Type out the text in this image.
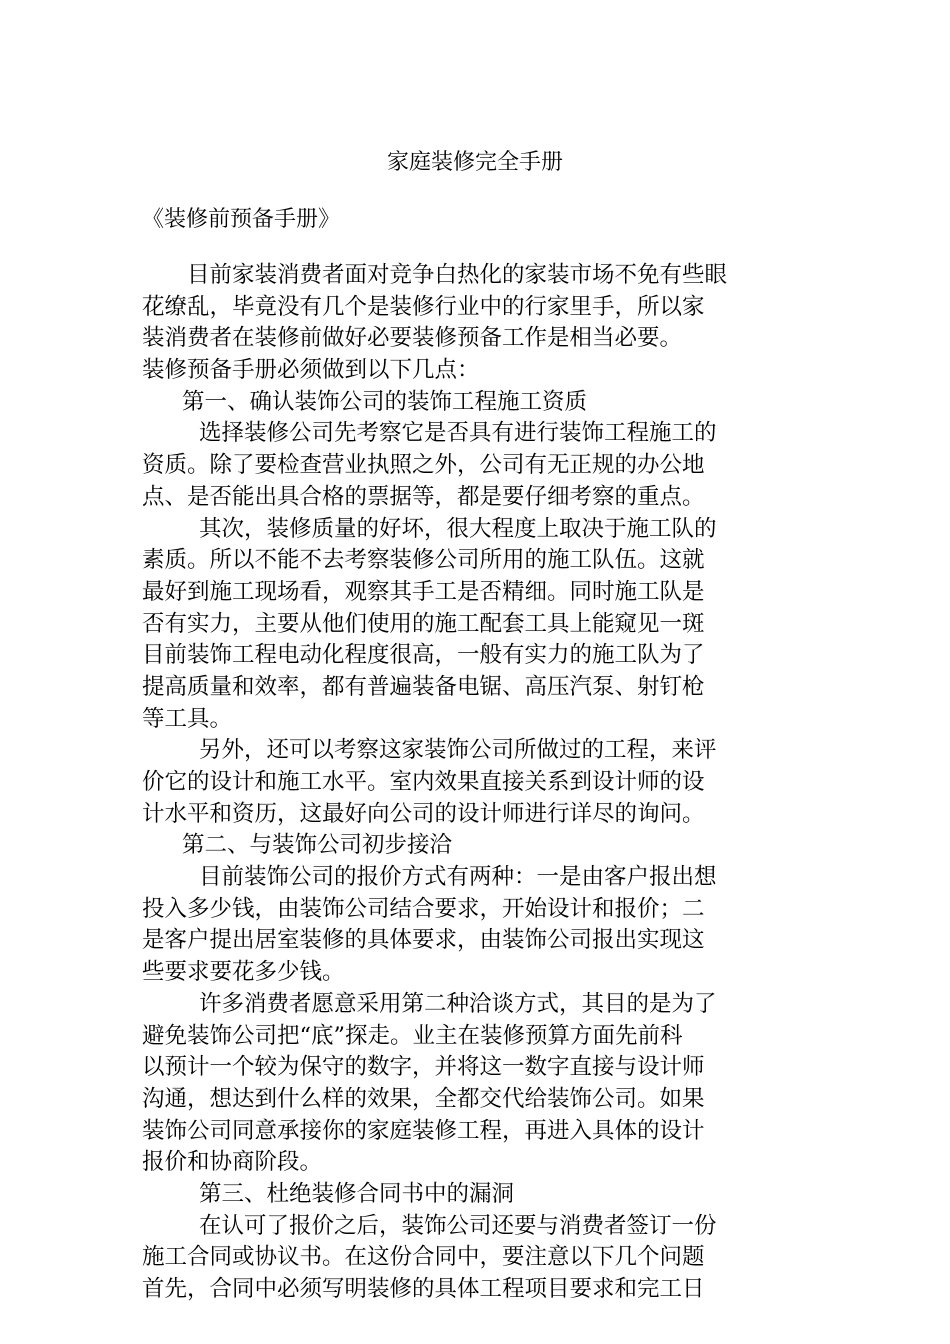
家庭装修完全手册
《装修前预备手册》
目前家装消费者面对竞争白热化的家装市场不免有些眼
花缭乱，毕竟没有几个是装修行业中的行家里手，所以家
装消费者在装修前做好必要装修预备工作是相当必要。
装修预备手册必须做到以下几点：
第一、确认装饰公司的装饰工程施工资质
选择装修公司先考察它是否具有进行装饰工程施工的
资质。除了要检查营业执照之外，公司有无正规的办公地
点、是否能出具合格的票据等，都是要仔细考察的重点。
其次，装修质量的好坏，很大程度上取决于施工队的
素质。所以不能不去考察装修公司所用的施工队伍。这就
最好到施工现场看，观察其手工是否精细。同时施工队是
否有实力，主要从他们使用的施工配套工具上能窥见一斑
目前装饰工程电动化程度很高，一般有实力的施工队为了
提高质量和效率，都有普遍装备电锯、高压汽泵、射钉枪
等工具。
另外，还可以考察这家装饰公司所做过的工程，来评
价它的设计和施工水平。室内效果直接关系到设计师的设
计水平和资历，这最好向公司的设计师进行详尽的询问。
第二、与装饰公司初步接洽
目前装饰公司的报价方式有两种：一是由客户报出想
投入多少钱，由装饰公司结合要求，开始设计和报价；二
是客户提出居室装修的具体要求，由装饰公司报出实现这
些要求要花多少钱。
许多消费者愿意采用第二种洽谈方式，其目的是为了
避免装饰公司把“底”探走。业主在装修预算方面先前科
以预计一个较为保守的数字，并将这一数字直接与设计师
沟通，想达到什么样的效果，全都交代给装饰公司。如果
装饰公司同意承接你的家庭装修工程，再进入具体的设计
报价和协商阶段。
第三、杜绝装修合同书中的漏洞
在认可了报价之后，装饰公司还要与消费者签订一份
施工合同或协议书。在这份合同中，要注意以下几个问题
首先，合同中必须写明装修的具体工程项目要求和完工日
